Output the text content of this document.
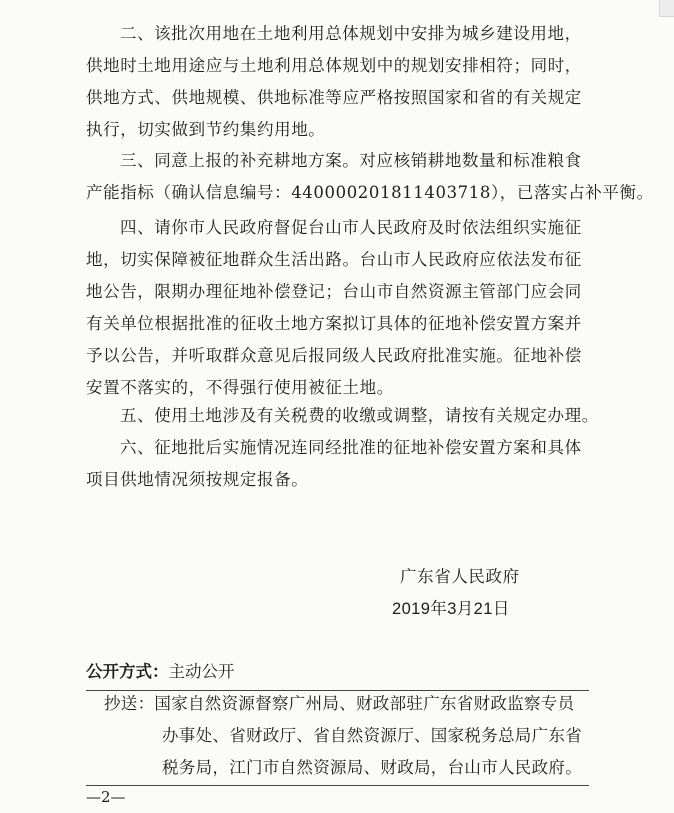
二、该批次用地在土地利用总体规划中安排为城乡建设用地，
供地时土地用途应与土地利用总体规划中的规划安排相符；同时，
供地方式、供地规模、供地标准等应严格按照国家和省的有关规定
执行，切实做到节约集约用地。

三、同意上报的补充耕地方案。对应核销耕地数量和标准粮食
产能指标（确认信息编号：440000201811403718），已落实占补平衡。

四、请你市人民政府督促台山市人民政府及时依法组织实施征
地，切实保障被征地群众生活出路。台山市人民政府应依法发布征
地公告，限期办理征地补偿登记；台山市自然资源主管部门应会同
有关单位根据批准的征收土地方案拟订具体的征地补偿安置方案并
予以公告，并听取群众意见后报同级人民政府批准实施。征地补偿
安置不落实的，不得强行使用被征土地。

五、使用土地涉及有关税费的收缴或调整，请按有关规定办理。

六、征地批后实施情况连同经批准的征地补偿安置方案和具体
项目供地情况须按规定报备。

广东省人民政府
2019年3月21日
公开方式：主动公开
抄送：国家自然资源督察广州局、财政部驻广东省财政监察专员
办事处、省财政厅、省自然资源厅、国家税务总局广东省
税务局，江门市自然资源局、财政局，台山市人民政府。
—2—
